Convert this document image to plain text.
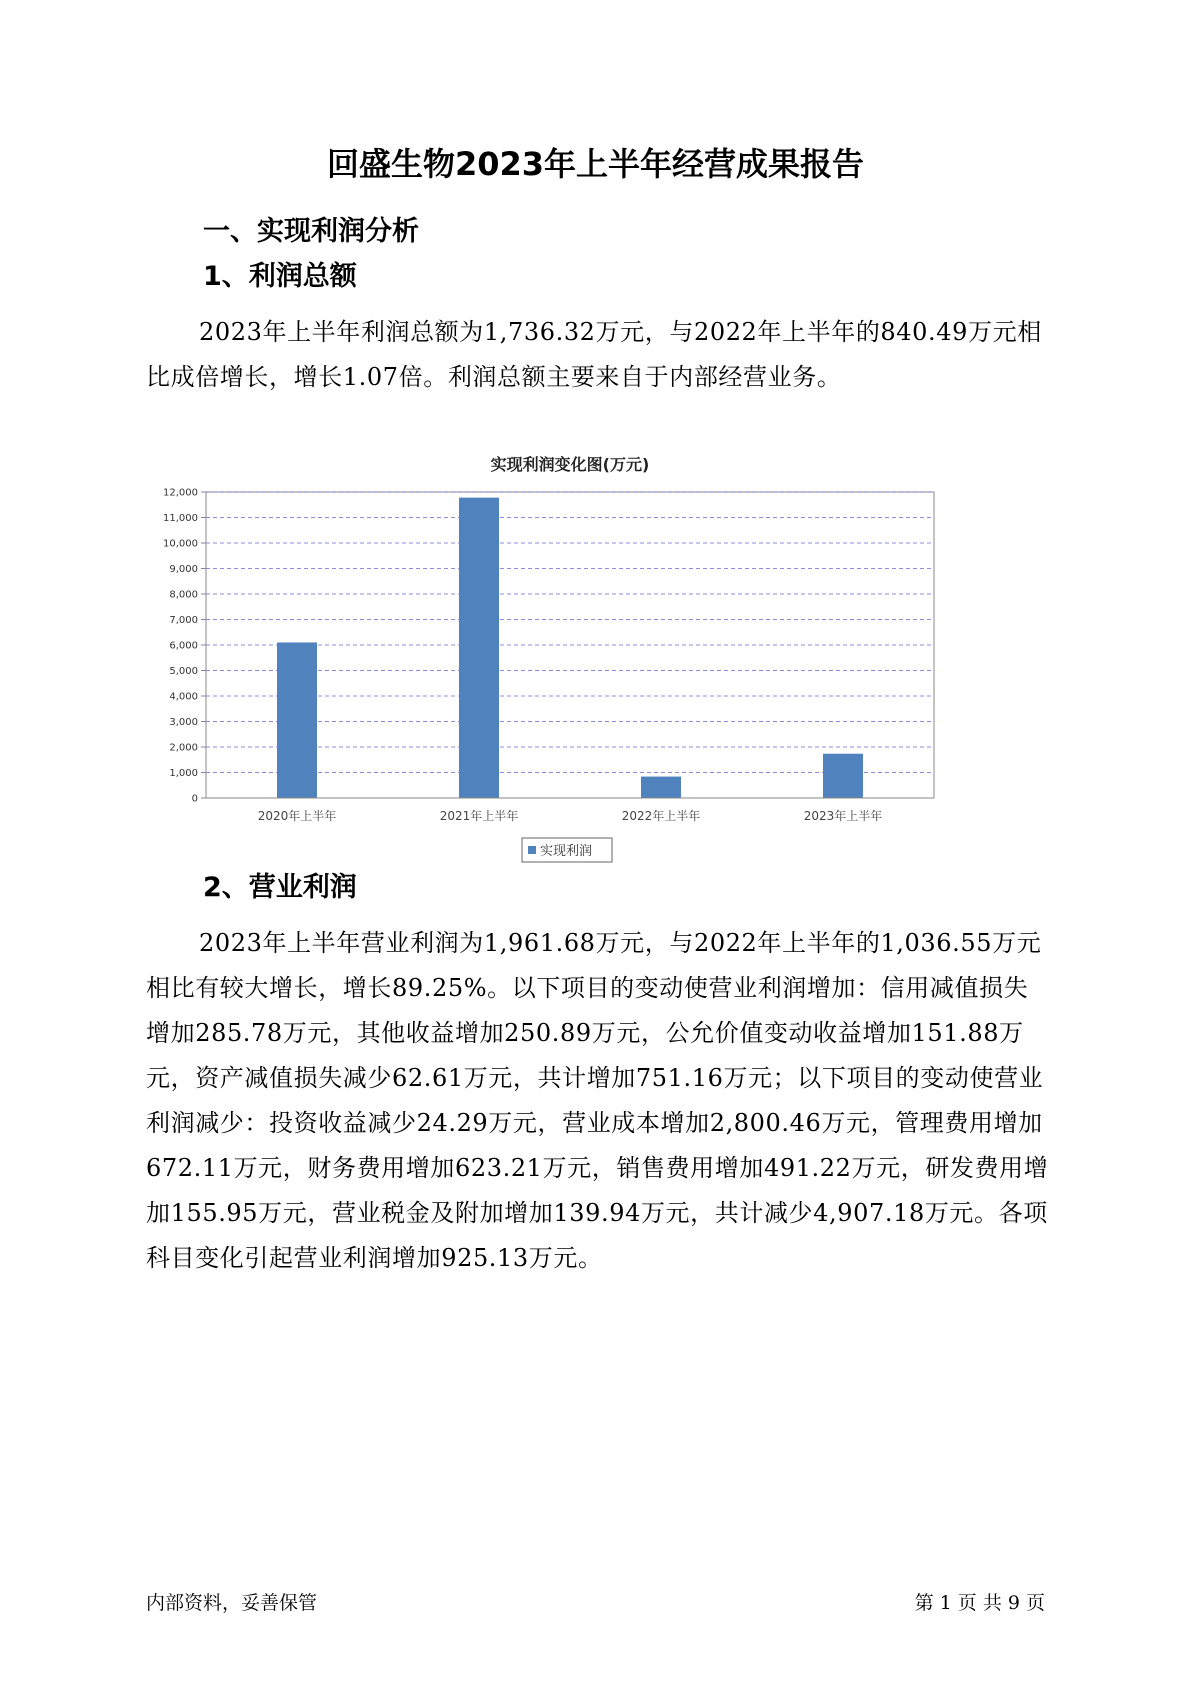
回盛生物2023年上半年经营成果报告
一、实现利润分析
1、利润总额

2023年上半年利润总额为1,736.32万元，与2022年上半年的840.49万元相比成倍增长，增长1.07倍。利润总额主要来自于内部经营业务。

实现利润变化图(万元)
0
1,000
2,000
3,000
4,000
5,000
6,000
7,000
8,000
9,000
10,000
11,000
12,000
2020年上半年	2021年上半年	2022年上半年	2023年上半年
实现利润
2、营业利润

2023年上半年营业利润为1,961.68万元，与2022年上半年的1,036.55万元相比有较大增长，增长89.25%。以下项目的变动使营业利润增加：信用减值损失增加285.78万元，其他收益增加250.89万元，公允价值变动收益增加151.88万元，资产减值损失减少62.61万元，共计增加751.16万元；以下项目的变动使营业利润减少：投资收益减少24.29万元，营业成本增加2,800.46万元，管理费用增加672.11万元，财务费用增加623.21万元，销售费用增加491.22万元，研发费用增加155.95万元，营业税金及附加增加139.94万元，共计减少4,907.18万元。各项科目变化引起营业利润增加925.13万元。

内部资料，妥善保管	第 1 页 共 9 页
